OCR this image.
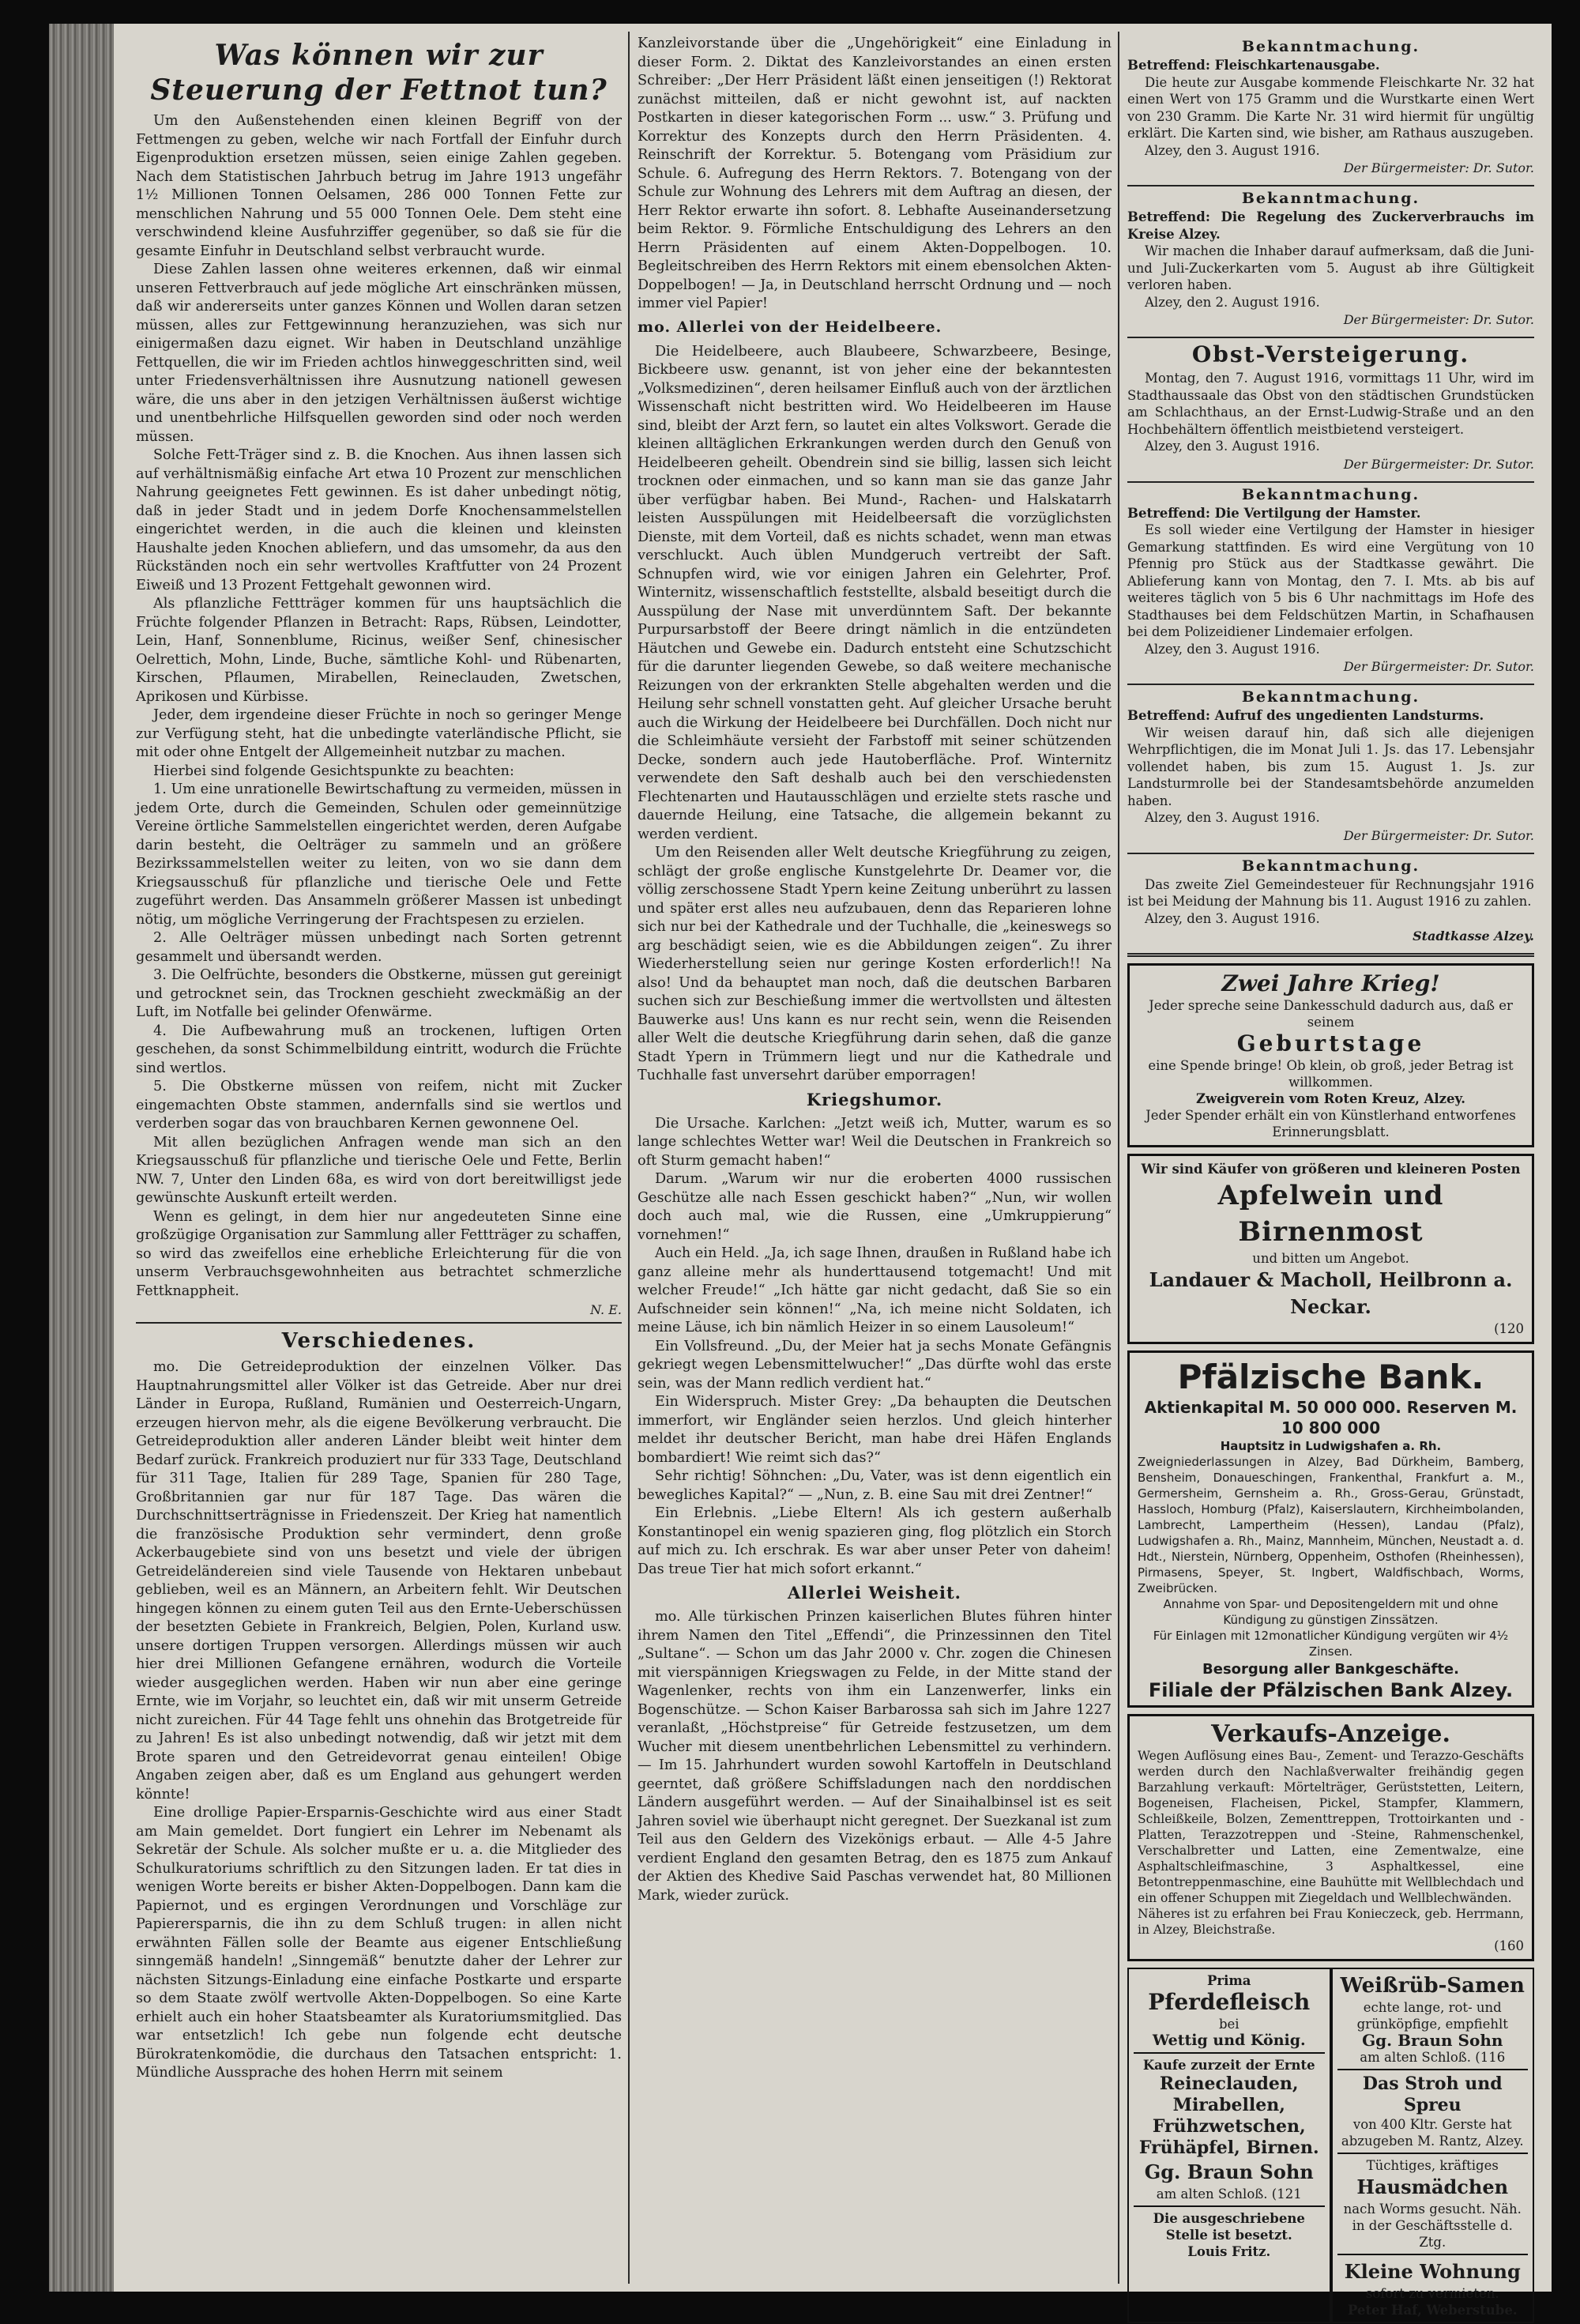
Was können wir zur Steuerung der Fettnot tun?

Um den Außenstehenden einen kleinen Begriff von der Fettmengen zu geben, welche wir nach Fortfall der Einfuhr durch Eigenproduktion ersetzen müssen, seien einige Zahlen gegeben. Nach dem Statistischen Jahrbuch betrug im Jahre 1913 ungefähr 1½ Millionen Tonnen Oelsamen, 286 000 Tonnen Fette zur menschlichen Nahrung und 55 000 Tonnen Oele. Dem steht eine verschwindend kleine Ausfuhrziffer gegenüber, so daß sie für die gesamte Einfuhr in Deutschland selbst verbraucht wurde.

Diese Zahlen lassen ohne weiteres erkennen, daß wir einmal unseren Fettverbrauch auf jede mögliche Art einschränken müssen, daß wir andererseits unter ganzes Können und Wollen daran setzen müssen, alles zur Fettgewinnung heranzuziehen, was sich nur einigermaßen dazu eignet. Wir haben in Deutschland unzählige Fettquellen, die wir im Frieden achtlos hinweggeschritten sind, weil unter Friedensverhältnissen ihre Ausnutzung nationell gewesen wäre, die uns aber in den jetzigen Verhältnissen äußerst wichtige und unentbehrliche Hilfsquellen geworden sind oder noch werden müssen.

Solche Fett-Träger sind z. B. die Knochen. Aus ihnen lassen sich auf verhältnismäßig einfache Art etwa 10 Prozent zur menschlichen Nahrung geeignetes Fett gewinnen. Es ist daher unbedingt nötig, daß in jeder Stadt und in jedem Dorfe Knochensammelstellen eingerichtet werden, in die auch die kleinen und kleinsten Haushalte jeden Knochen abliefern, und das umsomehr, da aus den Rückständen noch ein sehr wertvolles Kraftfutter von 24 Prozent Eiweiß und 13 Prozent Fettgehalt gewonnen wird.

Als pflanzliche Fettträger kommen für uns hauptsächlich die Früchte folgender Pflanzen in Betracht: Raps, Rübsen, Leindotter, Lein, Hanf, Sonnenblume, Ricinus, weißer Senf, chinesischer Oelrettich, Mohn, Linde, Buche, sämtliche Kohl- und Rübenarten, Kirschen, Pflaumen, Mirabellen, Reineclauden, Zwetschen, Aprikosen und Kürbisse.

Jeder, dem irgendeine dieser Früchte in noch so geringer Menge zur Verfügung steht, hat die unbedingte vaterländische Pflicht, sie mit oder ohne Entgelt der Allgemeinheit nutzbar zu machen.

Hierbei sind folgende Gesichtspunkte zu beachten:

1. Um eine unrationelle Bewirtschaftung zu vermeiden, müssen in jedem Orte, durch die Gemeinden, Schulen oder gemeinnützige Vereine örtliche Sammelstellen eingerichtet werden, deren Aufgabe darin besteht, die Oelträger zu sammeln und an größere Bezirkssammelstellen weiter zu leiten, von wo sie dann dem Kriegsausschuß für pflanzliche und tierische Oele und Fette zugeführt werden. Das Ansammeln größerer Massen ist unbedingt nötig, um mögliche Verringerung der Frachtspesen zu erzielen.

2. Alle Oelträger müssen unbedingt nach Sorten getrennt gesammelt und übersandt werden.

3. Die Oelfrüchte, besonders die Obstkerne, müssen gut gereinigt und getrocknet sein, das Trocknen geschieht zweckmäßig an der Luft, im Notfalle bei gelinder Ofenwärme.

4. Die Aufbewahrung muß an trockenen, luftigen Orten geschehen, da sonst Schimmelbildung eintritt, wodurch die Früchte sind wertlos.

5. Die Obstkerne müssen von reifem, nicht mit Zucker eingemachten Obste stammen, andernfalls sind sie wertlos und verderben sogar das von brauchbaren Kernen gewonnene Oel.

Mit allen bezüglichen Anfragen wende man sich an den Kriegsausschuß für pflanzliche und tierische Oele und Fette, Berlin NW. 7, Unter den Linden 68a, es wird von dort bereitwilligst jede gewünschte Auskunft erteilt werden.

Wenn es gelingt, in dem hier nur angedeuteten Sinne eine großzügige Organisation zur Sammlung aller Fettträger zu schaffen, so wird das zweifellos eine erhebliche Erleichterung für die von unserm Verbrauchsgewohnheiten aus betrachtet schmerzliche Fettknappheit.

N. E.
Verschiedenes.

mo. Die Getreideproduktion der einzelnen Völker. Das Hauptnahrungsmittel aller Völker ist das Getreide. Aber nur drei Länder in Europa, Rußland, Rumänien und Oesterreich-Ungarn, erzeugen hiervon mehr, als die eigene Bevölkerung verbraucht. Die Getreideproduktion aller anderen Länder bleibt weit hinter dem Bedarf zurück. Frankreich produziert nur für 333 Tage, Deutschland für 311 Tage, Italien für 289 Tage, Spanien für 280 Tage, Großbritannien gar nur für 187 Tage. Das wären die Durchschnittserträgnisse in Friedenszeit. Der Krieg hat namentlich die französische Produktion sehr vermindert, denn große Ackerbaugebiete sind von uns besetzt und viele der übrigen Getreideländereien sind viele Tausende von Hektaren unbebaut geblieben, weil es an Männern, an Arbeitern fehlt. Wir Deutschen hingegen können zu einem guten Teil aus den Ernte-Ueberschüssen der besetzten Gebiete in Frankreich, Belgien, Polen, Kurland usw. unsere dortigen Truppen versorgen. Allerdings müssen wir auch hier drei Millionen Gefangene ernähren, wodurch die Vorteile wieder ausgeglichen werden. Haben wir nun aber eine geringe Ernte, wie im Vorjahr, so leuchtet ein, daß wir mit unserm Getreide nicht zureichen. Für 44 Tage fehlt uns ohnehin das Brotgetreide für zu Jahren! Es ist also unbedingt notwendig, daß wir jetzt mit dem Brote sparen und den Getreidevorrat genau einteilen! Obige Angaben zeigen aber, daß es um England aus gehungert werden könnte!

Eine drollige Papier-Ersparnis-Geschichte wird aus einer Stadt am Main gemeldet. Dort fungiert ein Lehrer im Nebenamt als Sekretär der Schule. Als solcher mußte er u. a. die Mitglieder des Schulkuratoriums schriftlich zu den Sitzungen laden. Er tat dies in wenigen Worte bereits er bisher Akten-Doppelbogen. Dann kam die Papiernot, und es ergingen Verordnungen und Vorschläge zur Papierersparnis, die ihn zu dem Schluß trugen: in allen nicht erwähnten Fällen solle der Beamte aus eigener Entschließung sinngemäß handeln! „Sinngemäß“ benutzte daher der Lehrer zur nächsten Sitzungs-Einladung eine einfache Postkarte und ersparte so dem Staate zwölf wertvolle Akten-Doppelbogen. So eine Karte erhielt auch ein hoher Staatsbeamter als Kuratoriumsmitglied. Das war entsetzlich! Ich gebe nun folgende echt deutsche Bürokratenkomödie, die durchaus den Tatsachen entspricht: 1. Mündliche Aussprache des hohen Herrn mit seinem

Kanzleivorstande über die „Ungehörigkeit“ eine Einladung in dieser Form. 2. Diktat des Kanzleivorstandes an einen ersten Schreiber: „Der Herr Präsident läßt einen jenseitigen (!) Rektorat zunächst mitteilen, daß er nicht gewohnt ist, auf nackten Postkarten in dieser kategorischen Form ... usw.“ 3. Prüfung und Korrektur des Konzepts durch den Herrn Präsidenten. 4. Reinschrift der Korrektur. 5. Botengang vom Präsidium zur Schule. 6. Aufregung des Herrn Rektors. 7. Botengang von der Schule zur Wohnung des Lehrers mit dem Auftrag an diesen, der Herr Rektor erwarte ihn sofort. 8. Lebhafte Auseinandersetzung beim Rektor. 9. Förmliche Entschuldigung des Lehrers an den Herrn Präsidenten auf einem Akten-Doppelbogen. 10. Begleitschreiben des Herrn Rektors mit einem ebensolchen Akten-Doppelbogen! — Ja, in Deutschland herrscht Ordnung und — noch immer viel Papier!

mo. Allerlei von der Heidelbeere.

Die Heidelbeere, auch Blaubeere, Schwarzbeere, Besinge, Bickbeere usw. genannt, ist von jeher eine der bekanntesten „Volksmedizinen“, deren heilsamer Einfluß auch von der ärztlichen Wissenschaft nicht bestritten wird. Wo Heidelbeeren im Hause sind, bleibt der Arzt fern, so lautet ein altes Volkswort. Gerade die kleinen alltäglichen Erkrankungen werden durch den Genuß von Heidelbeeren geheilt. Obendrein sind sie billig, lassen sich leicht trocknen oder einmachen, und so kann man sie das ganze Jahr über verfügbar haben. Bei Mund-, Rachen- und Halskatarrh leisten Ausspülungen mit Heidelbeersaft die vorzüglichsten Dienste, mit dem Vorteil, daß es nichts schadet, wenn man etwas verschluckt. Auch üblen Mundgeruch vertreibt der Saft. Schnupfen wird, wie vor einigen Jahren ein Gelehrter, Prof. Winternitz, wissenschaftlich feststellte, alsbald beseitigt durch die Ausspülung der Nase mit unverdünntem Saft. Der bekannte Purpursarbstoff der Beere dringt nämlich in die entzündeten Häutchen und Gewebe ein. Dadurch entsteht eine Schutzschicht für die darunter liegenden Gewebe, so daß weitere mechanische Reizungen von der erkrankten Stelle abgehalten werden und die Heilung sehr schnell vonstatten geht. Auf gleicher Ursache beruht auch die Wirkung der Heidelbeere bei Durchfällen. Doch nicht nur die Schleimhäute versieht der Farbstoff mit seiner schützenden Decke, sondern auch jede Hautoberfläche. Prof. Winternitz verwendete den Saft deshalb auch bei den verschiedensten Flechtenarten und Hautausschlägen und erzielte stets rasche und dauernde Heilung, eine Tatsache, die allgemein bekannt zu werden verdient.

Um den Reisenden aller Welt deutsche Kriegführung zu zeigen, schlägt der große englische Kunstgelehrte Dr. Deamer vor, die völlig zerschossene Stadt Ypern keine Zeitung unberührt zu lassen und später erst alles neu aufzubauen, denn das Reparieren lohne sich nur bei der Kathedrale und der Tuchhalle, die „keineswegs so arg beschädigt seien, wie es die Abbildungen zeigen“. Zu ihrer Wiederherstellung seien nur geringe Kosten erforderlich!! Na also! Und da behauptet man noch, daß die deutschen Barbaren suchen sich zur Beschießung immer die wertvollsten und ältesten Bauwerke aus! Uns kann es nur recht sein, wenn die Reisenden aller Welt die deutsche Kriegführung darin sehen, daß die ganze Stadt Ypern in Trümmern liegt und nur die Kathedrale und Tuchhalle fast unversehrt darüber emporragen!

Kriegshumor.

Die Ursache. Karlchen: „Jetzt weiß ich, Mutter, warum es so lange schlechtes Wetter war! Weil die Deutschen in Frankreich so oft Sturm gemacht haben!“

Darum. „Warum wir nur die eroberten 4000 russischen Geschütze alle nach Essen geschickt haben?“ „Nun, wir wollen doch auch mal, wie die Russen, eine „Umkruppierung“ vornehmen!“

Auch ein Held. „Ja, ich sage Ihnen, draußen in Rußland habe ich ganz alleine mehr als hunderttausend totgemacht! Und mit welcher Freude!“ „Ich hätte gar nicht gedacht, daß Sie so ein Aufschneider sein können!“ „Na, ich meine nicht Soldaten, ich meine Läuse, ich bin nämlich Heizer in so einem Lausoleum!“

Ein Vollsfreund. „Du, der Meier hat ja sechs Monate Gefängnis gekriegt wegen Lebensmittelwucher!“ „Das dürfte wohl das erste sein, was der Mann redlich verdient hat.“

Ein Widerspruch. Mister Grey: „Da behaupten die Deutschen immerfort, wir Engländer seien herzlos. Und gleich hinterher meldet ihr deutscher Bericht, man habe drei Häfen Englands bombardiert! Wie reimt sich das?“

Sehr richtig! Söhnchen: „Du, Vater, was ist denn eigentlich ein bewegliches Kapital?“ — „Nun, z. B. eine Sau mit drei Zentner!“

Ein Erlebnis. „Liebe Eltern! Als ich gestern außerhalb Konstantinopel ein wenig spazieren ging, flog plötzlich ein Storch auf mich zu. Ich erschrak. Es war aber unser Peter von daheim! Das treue Tier hat mich sofort erkannt.“

Allerlei Weisheit.

mo. Alle türkischen Prinzen kaiserlichen Blutes führen hinter ihrem Namen den Titel „Effendi“, die Prinzessinnen den Titel „Sultane“. — Schon um das Jahr 2000 v. Chr. zogen die Chinesen mit vierspännigen Kriegswagen zu Felde, in der Mitte stand der Wagenlenker, rechts von ihm ein Lanzenwerfer, links ein Bogenschütze. — Schon Kaiser Barbarossa sah sich im Jahre 1227 veranlaßt, „Höchstpreise“ für Getreide festzusetzen, um dem Wucher mit diesem unentbehrlichen Lebensmittel zu verhindern. — Im 15. Jahrhundert wurden sowohl Kartoffeln in Deutschland geerntet, daß größere Schiffsladungen nach den norddischen Ländern ausgeführt werden. — Auf der Sinaihalbinsel ist es seit Jahren soviel wie überhaupt nicht geregnet. Der Suezkanal ist zum Teil aus den Geldern des Vizekönigs erbaut. — Alle 4-5 Jahre verdient England den gesamten Betrag, den es 1875 zum Ankauf der Aktien des Khedive Said Paschas verwendet hat, 80 Millionen Mark, wieder zurück.

Bekanntmachung.

Betreffend: Fleischkartenausgabe.

Die heute zur Ausgabe kommende Fleischkarte Nr. 32 hat einen Wert von 175 Gramm und die Wurstkarte einen Wert von 230 Gramm. Die Karte Nr. 31 wird hiermit für ungültig erklärt. Die Karten sind, wie bisher, am Rathaus auszugeben.

Alzey, den 3. August 1916.

Der Bürgermeister: Dr. Sutor.
Bekanntmachung.

Betreffend: Die Regelung des Zuckerverbrauchs im Kreise Alzey.

Wir machen die Inhaber darauf aufmerksam, daß die Juni- und Juli-Zuckerkarten vom 5. August ab ihre Gültigkeit verloren haben.

Alzey, den 2. August 1916.

Der Bürgermeister: Dr. Sutor.
Obst-Versteigerung.

Montag, den 7. August 1916, vormittags 11 Uhr, wird im Stadthaussaale das Obst von den städtischen Grundstücken am Schlachthaus, an der Ernst-Ludwig-Straße und an den Hochbehältern öffentlich meistbietend versteigert.

Alzey, den 3. August 1916.

Der Bürgermeister: Dr. Sutor.
Bekanntmachung.

Betreffend: Die Vertilgung der Hamster.

Es soll wieder eine Vertilgung der Hamster in hiesiger Gemarkung stattfinden. Es wird eine Vergütung von 10 Pfennig pro Stück aus der Stadtkasse gewährt. Die Ablieferung kann von Montag, den 7. I. Mts. ab bis auf weiteres täglich von 5 bis 6 Uhr nachmittags im Hofe des Stadthauses bei dem Feldschützen Martin, in Schafhausen bei dem Polizeidiener Lindemaier erfolgen.

Alzey, den 3. August 1916.

Der Bürgermeister: Dr. Sutor.
Bekanntmachung.

Betreffend: Aufruf des ungedienten Landsturms.

Wir weisen darauf hin, daß sich alle diejenigen Wehrpflichtigen, die im Monat Juli 1. Js. das 17. Lebensjahr vollendet haben, bis zum 15. August 1. Js. zur Landsturmrolle bei der Standesamtsbehörde anzumelden haben.

Alzey, den 3. August 1916.

Der Bürgermeister: Dr. Sutor.
Bekanntmachung.

Das zweite Ziel Gemeindesteuer für Rechnungsjahr 1916 ist bei Meidung der Mahnung bis 11. August 1916 zu zahlen.

Alzey, den 3. August 1916.

Stadtkasse Alzey.
Zwei Jahre Krieg!
Jeder spreche seine Dankesschuld dadurch aus, daß er seinem
Geburtstage
eine Spende bringe! Ob klein, ob groß, jeder Betrag ist willkommen.
Zweigverein vom Roten Kreuz, Alzey.
Jeder Spender erhält ein von Künstlerhand entworfenes Erinnerungsblatt.
Wir sind Käufer von größeren und kleineren Posten
Apfelwein und Birnenmost
und bitten um Angebot.
Landauer & Macholl, Heilbronn a. Neckar.
(120
Pfälzische Bank.
Aktienkapital M. 50 000 000. Reserven M. 10 800 000
Hauptsitz in Ludwigshafen a. Rh.
Zweigniederlassungen in Alzey, Bad Dürkheim, Bamberg, Bensheim, Donaueschingen, Frankenthal, Frankfurt a. M., Germersheim, Gernsheim a. Rh., Gross-Gerau, Grünstadt, Hassloch, Homburg (Pfalz), Kaiserslautern, Kirchheimbolanden, Lambrecht, Lampertheim (Hessen), Landau (Pfalz), Ludwigshafen a. Rh., Mainz, Mannheim, München, Neustadt a. d. Hdt., Nierstein, Nürnberg, Oppenheim, Osthofen (Rheinhessen), Pirmasens, Speyer, St. Ingbert, Waldfischbach, Worms, Zweibrücken.
Annahme von Spar- und Depositengeldern mit und ohne Kündigung zu günstigen Zinssätzen.
Für Einlagen mit 12monatlicher Kündigung vergüten wir 4½ Zinsen.
Besorgung aller Bankgeschäfte.
Filiale der Pfälzischen Bank Alzey.
Verkaufs-Anzeige.

Wegen Auflösung eines Bau-, Zement- und Terazzo-Geschäfts werden durch den Nachlaßverwalter freihändig gegen Barzahlung verkauft: Mörtelträger, Gerüststetten, Leitern, Bogeneisen, Flacheisen, Pickel, Stampfer, Klammern, Schleißkeile, Bolzen, Zementtreppen, Trottoirkanten und -Platten, Terazzotreppen und -Steine, Rahmenschenkel, Verschalbretter und Latten, eine Zementwalze, eine Asphaltschleifmaschine, 3 Asphaltkessel, eine Betontreppenmaschine, eine Bauhütte mit Wellblechdach und ein offener Schuppen mit Ziegeldach und Wellblechwänden.

Näheres ist zu erfahren bei Frau Konieczeck, geb. Herrmann, in Alzey, Bleichstraße.

(160
Prima
Pferdefleisch
bei
Wettig und König.
Kaufe zurzeit der Ernte
Reineclauden, Mirabellen, Frühzwetschen, Frühäpfel, Birnen.
Gg. Braun Sohn
am alten Schloß. (121
Die ausgeschriebene Stelle ist besetzt.
Louis Fritz.
Weißrüb-Samen
echte lange, rot- und grünköpfige, empfiehlt
Gg. Braun Sohn
am alten Schloß. (116
Das Stroh und Spreu
von 400 Kltr. Gerste hat abzugeben M. Rantz, Alzey.
Tüchtiges, kräftiges
Hausmädchen
nach Worms gesucht. Näh. in der Geschäftsstelle d. Ztg.
Kleine Wohnung
sofort zu vermieten.
Peter Haf, Weberstube.
